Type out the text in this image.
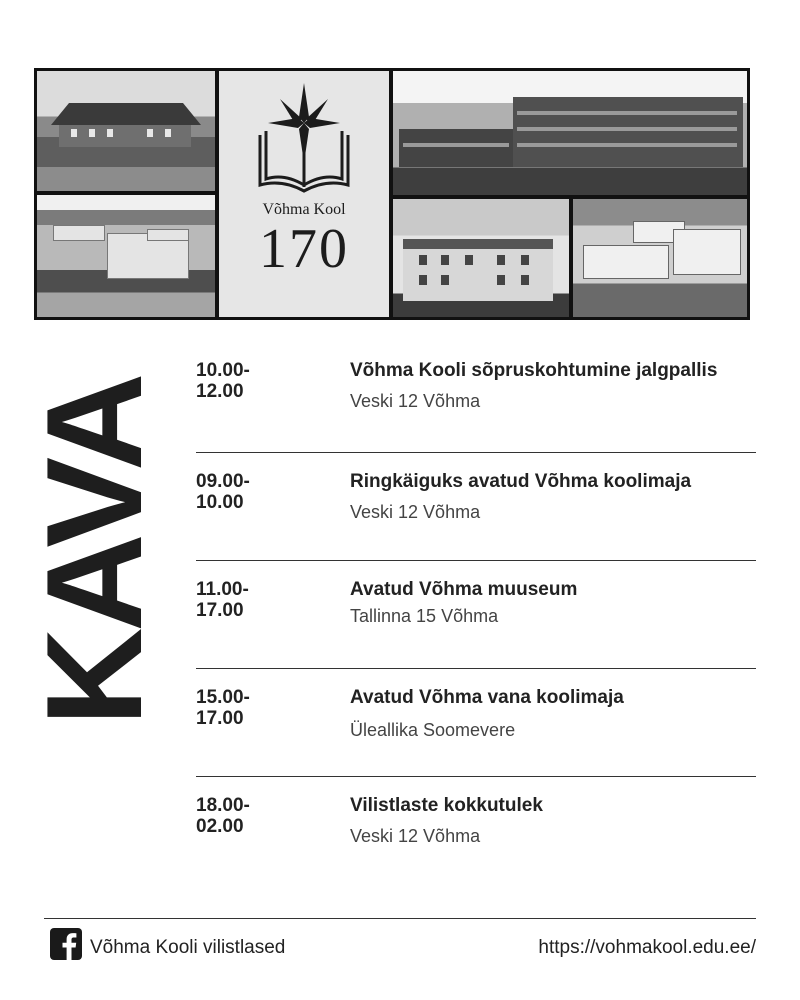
Võhma Kool
170
KAVA
10.00-
12.00
Võhma Kooli sõpruskohtumine jalgpallis
Veski 12 Võhma
09.00-
10.00
Ringkäiguks avatud Võhma koolimaja
Veski 12 Võhma
11.00-
17.00
Avatud Võhma muuseum
Tallinna 15 Võhma
15.00-
17.00
Avatud Võhma vana koolimaja
Üleallika Soomevere
18.00-
02.00
Vilistlaste kokkutulek
Veski 12 Võhma
Võhma Kooli vilistlased	https://vohmakool.edu.ee/
